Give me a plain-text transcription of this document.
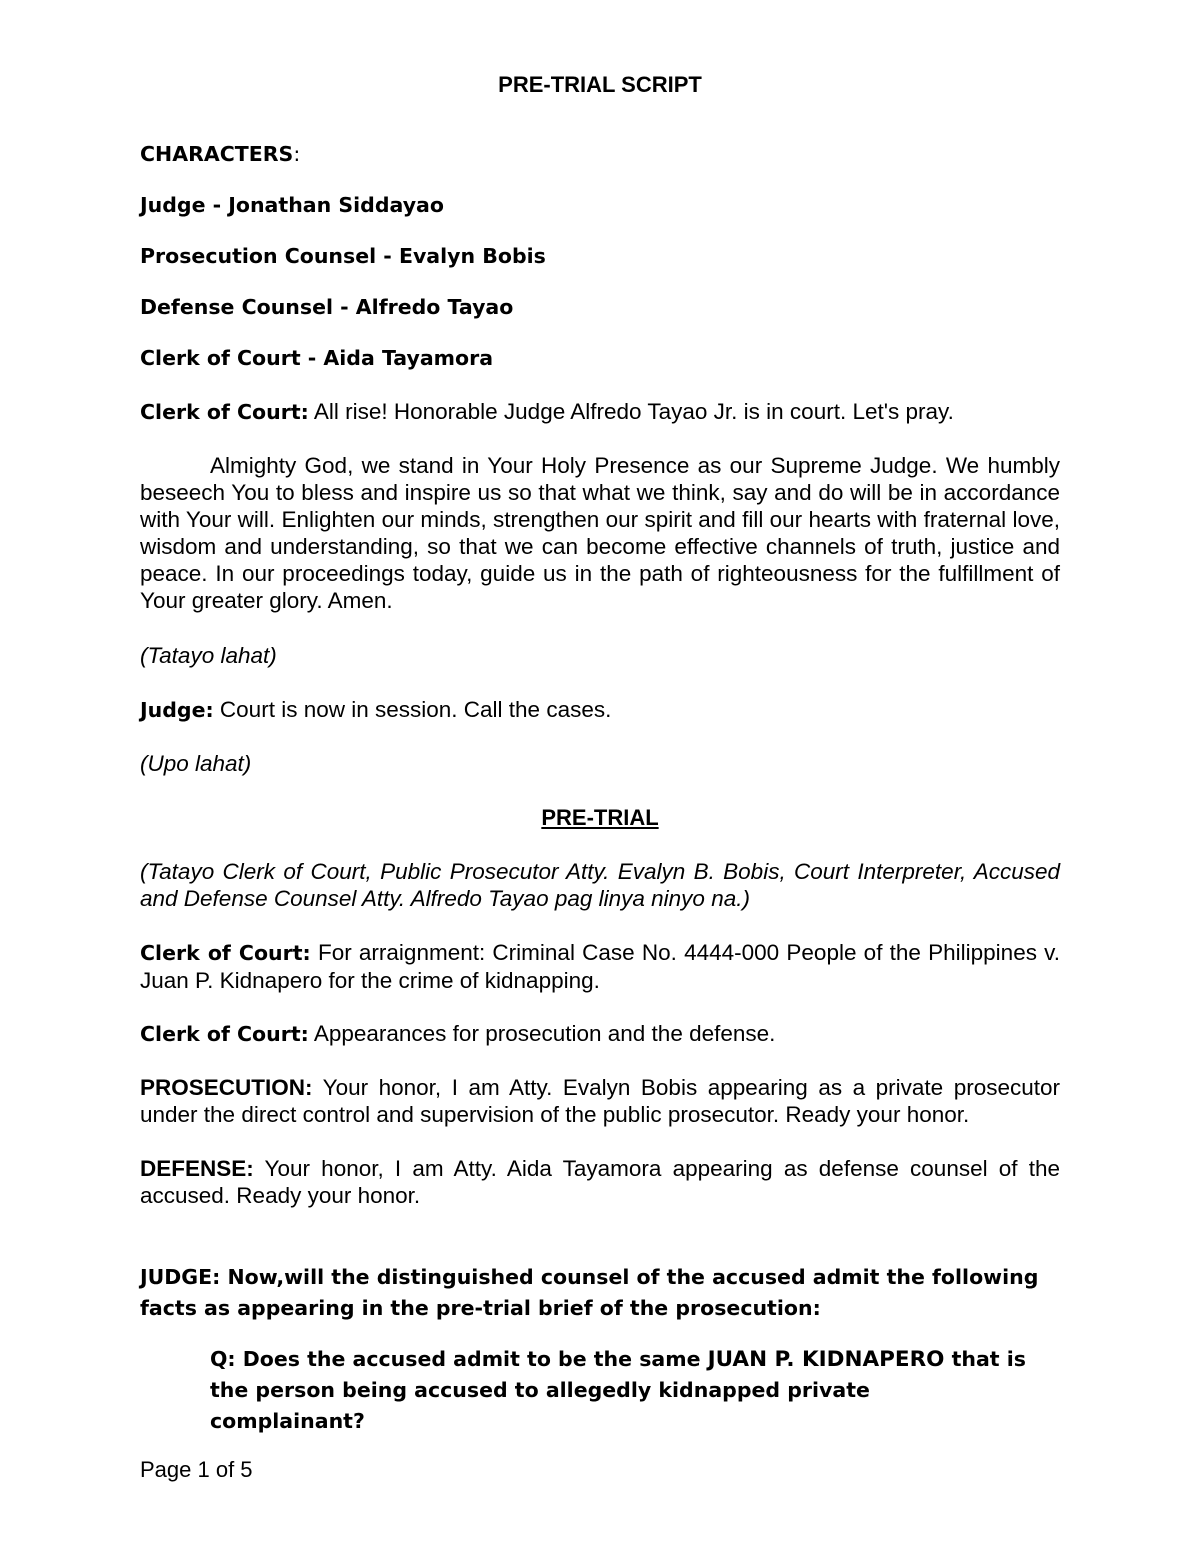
PRE-TRIAL SCRIPT

CHARACTERS:

Judge - Jonathan Siddayao

Prosecution Counsel - Evalyn Bobis

Defense Counsel - Alfredo Tayao

Clerk of Court - Aida Tayamora

Clerk of Court: All rise! Honorable Judge Alfredo Tayao Jr. is in court. Let's pray.

Almighty God, we stand in Your Holy Presence as our Supreme Judge. We humbly beseech You to bless and inspire us so that what we think, say and do will be in accordance with Your will. Enlighten our minds, strengthen our spirit and fill our hearts with fraternal love, wisdom and understanding, so that we can become effective channels of truth, justice and peace. In our proceedings today, guide us in the path of righteousness for the fulfillment of Your greater glory. Amen.

(Tatayo lahat)

Judge: Court is now in session. Call the cases.

(Upo lahat)

PRE-TRIAL

(Tatayo Clerk of Court, Public Prosecutor Atty. Evalyn B. Bobis, Court Interpreter, Accused and Defense Counsel Atty. Alfredo Tayao pag linya ninyo na.)

Clerk of Court: For arraignment: Criminal Case No. 4444-000 People of the Philippines v. Juan P. Kidnapero for the crime of kidnapping.

Clerk of Court: Appearances for prosecution and the defense.

PROSECUTION: Your honor, I am Atty. Evalyn Bobis appearing as a private prosecutor under the direct control and supervision of the public prosecutor. Ready your honor.

DEFENSE: Your honor, I am Atty. Aida Tayamora appearing as defense counsel of the accused. Ready your honor.

JUDGE: Now,will the distinguished counsel of the accused admit the following facts as appearing in the pre-trial brief of the prosecution:

Q: Does the accused admit to be the same JUAN P. KIDNAPERO that is the person being accused to allegedly kidnapped private complainant?

Page 1 of 5
